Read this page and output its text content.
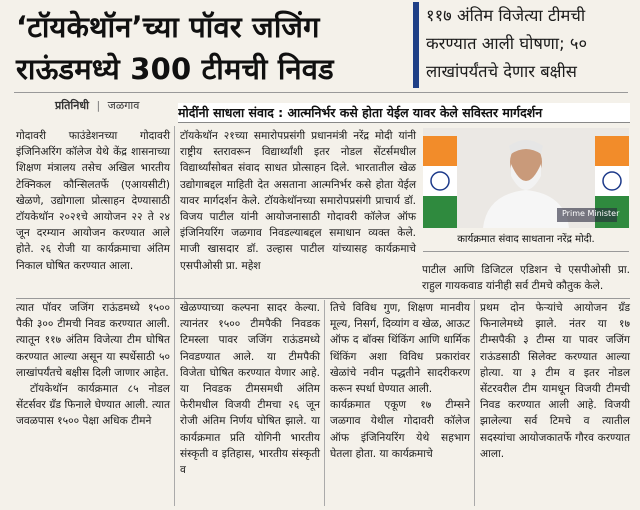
‘टॉयकेथॉन’च्या पॉवर जजिंग
राऊंडमध्ये 300 टीमची निवड
११७ अंतिम विजेत्या टीमची
करण्यात आली घोषणा; ५०
लाखांपर्यंतचे देणार बक्षीस
प्रतिनिधी | जळगाव	मोदींनी साधला संवाद : आत्मनिर्भर कसे होता येईल यावर केले सविस्तर मार्गदर्शन

गोदावरी फाउंडेशनच्या गोदावरी इंजिनिअरिंग कॉलेज येथे केंद्र शासनाच्या शिक्षण मंत्रालय तसेच अखिल भारतीय टेक्निकल कौन्सिलतर्फे (एआयसीटी) खेळणे, उद्योगाला प्रोत्साहन देण्यासाठी टॉयकेथॉन २०२१चे आयोजन २२ ते २४ जून दरम्यान आयोजन करण्यात आले होते. २६ रोजी या कार्यक्रमाचा अंतिम निकाल घोषित करण्यात आला.

टॉयकेथॉन २१च्या समारोपप्रसंगी प्रधानमंत्री नरेंद्र मोदी यांनी राष्ट्रीय स्तरावरून विद्यार्थ्यांशी इतर नोडल सेंटर्समधील विद्यार्थ्यांसोबत संवाद साधत प्रोत्साहन दिले. भारतातील खेळ उद्योगाबद्दल माहिती देत असताना आत्मनिर्भर कसे होता येईल यावर मार्गदर्शन केले. टॉयकेथॉनच्या समारोपप्रसंगी प्राचार्य डॉ. विजय पाटील यांनी आयोजनासाठी गोदावरी कॉलेज ऑफ इंजिनियरिंग जळगाव निवडल्याबद्दल समाधान व्यक्त केले. माजी खासदार डॉ. उल्हास पाटील यांच्यासह कार्यक्रमाचे एसपीओसी प्रा. महेश

Prime Minister
कार्यक्रमात संवाद साधताना नरेंद्र मोदी.

पाटील आणि डिजिटल एडिशन चे एसपीओसी प्रा. राहुल गायकवाड यांनीही सर्व टीमचे कौतुक केले.

त्यात पॉवर जजिंग राऊंडमध्ये १५०० पैकी ३०० टीमची निवड करण्यात आली. त्यातून ११७ अंतिम विजेत्या टीम घोषित करण्यात आल्या असून या स्पर्धेसाठी ५० लाखांपर्यंतचे बक्षीस दिली जाणार आहेत.

टॉयकेथॉन कार्यक्रमात ८५ नोडल सेंटर्सवर ग्रँड फिनाले घेण्यात आली. त्यात जवळपास १५०० पेक्षा अधिक टीमने

खेळण्याच्या कल्पना सादर केल्या. त्यानंतर १५०० टीमपैकी निवडक टिमस्ला पावर जजिंग राऊंडमध्ये निवडण्यात आले. या टीमपैकी विजेता घोषित करण्यात येणार आहे. या निवडक टीमसमधी अंतिम फेरीमधील विजयी टीमचा २६ जून रोजी अंतिम निर्णय घोषित झाले. या कार्यक्रमात प्रति योगिनी भारतीय संस्कृती व इतिहास, भारतीय संस्कृती व

तिचे विविध गुण, शिक्षण मानवीय मूल्य, निसर्ग, दिव्यांग व खेळ, आऊट ऑफ द बॉक्स थिंकिंग आणि धार्मिक थिंकिंग अशा विविध प्रकारांवर खेळांचे नवीन पद्धतीने सादरीकरण करून स्पर्धा घेण्यात आली.

कार्यक्रमात एकूण १७ टीम्सने जळगाव येथील गोदावरी कॉलेज ऑफ इंजिनियरिंग येथे सहभाग घेतला होता. या कार्यक्रमाचे

प्रथम दोन फेऱ्यांचे आयोजन ग्रँड फिनालेमध्ये झाले. नंतर या १७ टीम्सपैकी ३ टीम्स या पावर जजिंग राऊंडसाठी सिलेक्ट करण्यात आल्या होत्या. या ३ टीम व इतर नोडल सेंटरवरील टीम यामधून विजयी टीमची निवड करण्यात आली आहे. विजयी झालेल्या सर्व टिमचे व त्यातील सदस्यांचा आयोजकातर्फे गौरव करण्यात आला.
